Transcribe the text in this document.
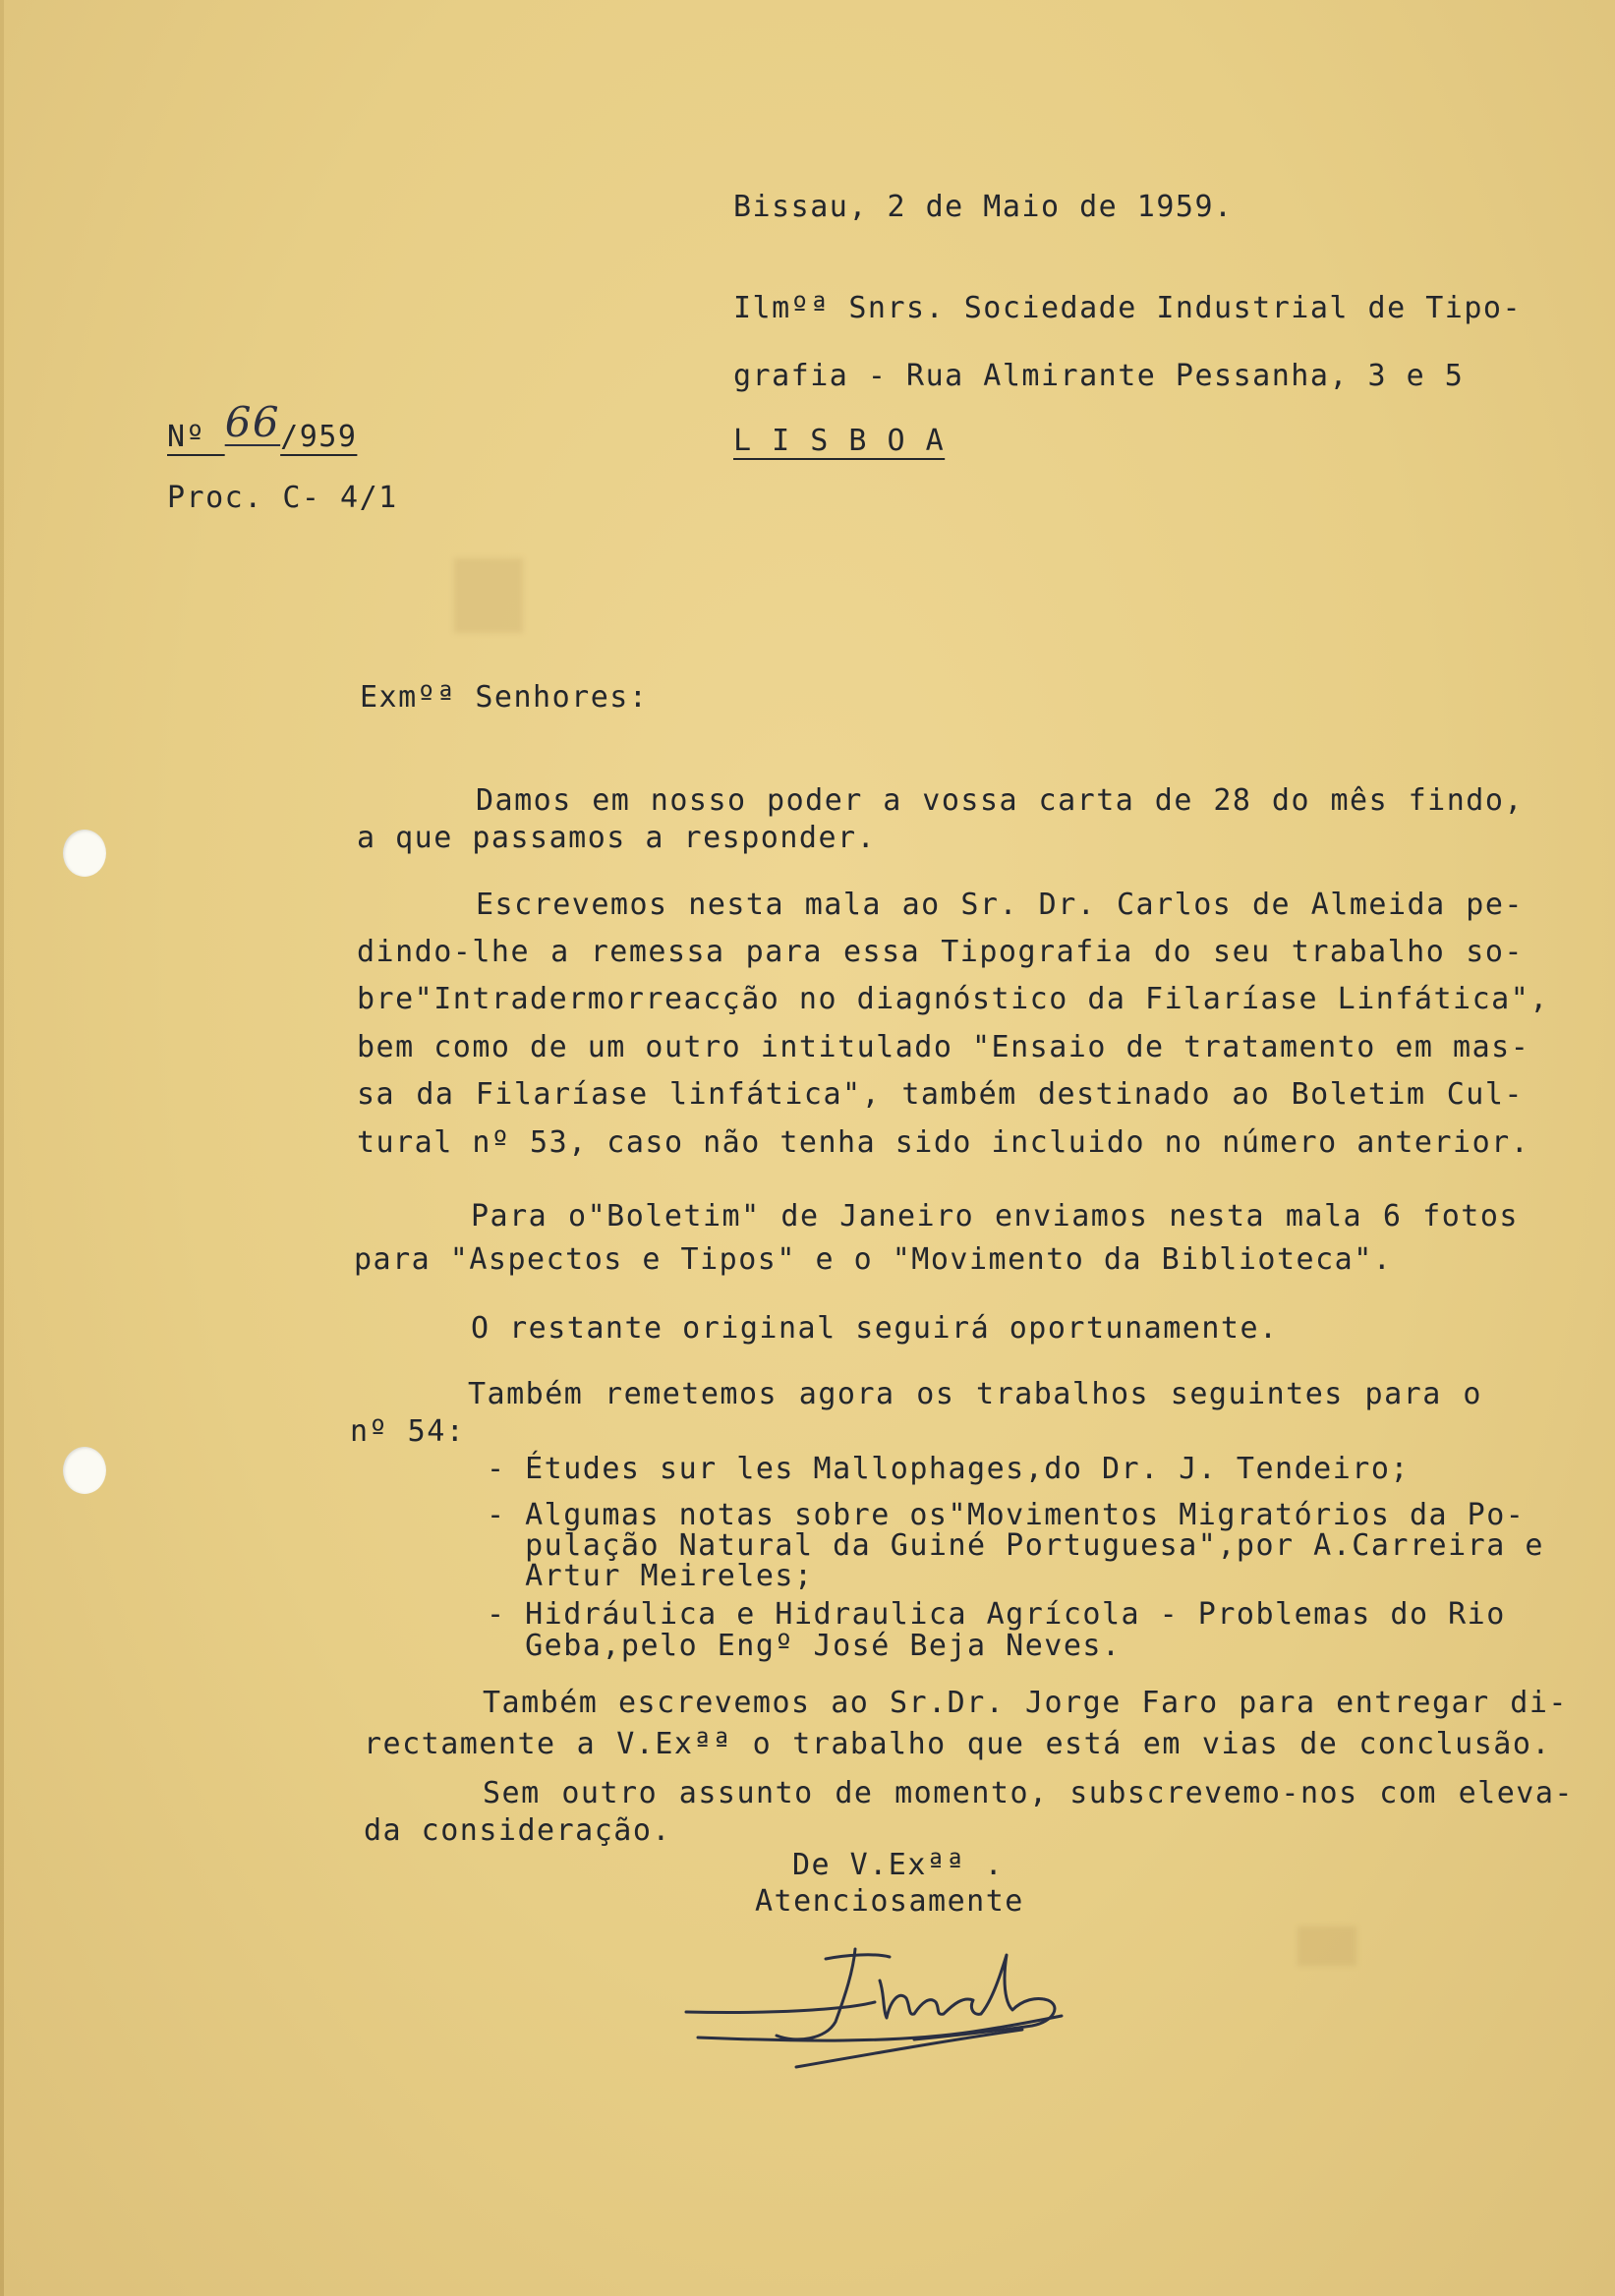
Bissau, 2 de Maio de 1959.
Ilmºª Snrs. Sociedade Industrial de Tipo-
grafia - Rua Almirante Pessanha, 3 e 5
L I S B O A
Nº 66/959
Proc. C- 4/1
Exmºª Senhores:
Damos em nosso poder a vossa carta de 28 do mês findo,
a que passamos a responder.
Escrevemos nesta mala ao Sr. Dr. Carlos de Almeida pe-
dindo-lhe a remessa para essa Tipografia do seu trabalho so-
bre"Intradermorreacção no diagnóstico da Filaríase Linfática",
bem como de um outro intitulado "Ensaio de tratamento em mas-
sa da Filaríase linfática", também destinado ao Boletim Cul-
tural nº 53, caso não tenha sido incluido no número anterior.
Para o"Boletim" de Janeiro enviamos nesta mala 6 fotos
para "Aspectos e Tipos" e o "Movimento da Biblioteca".
O restante original seguirá oportunamente.
Também remetemos agora os trabalhos seguintes para o
nº 54:
- Études sur les Mallophages,do Dr. J. Tendeiro;
- Algumas notas sobre os"Movimentos Migratórios da Po-
pulação Natural da Guiné Portuguesa",por A.Carreira e
Artur Meireles;
- Hidráulica e Hidraulica Agrícola - Problemas do Rio
Geba,pelo Engº José Beja Neves.
Também escrevemos ao Sr.Dr. Jorge Faro para entregar di-
rectamente a V.Exªª o trabalho que está em vias de conclusão.
Sem outro assunto de momento, subscrevemo-nos com eleva-
da consideração.
De V.Exªª .
Atenciosamente
